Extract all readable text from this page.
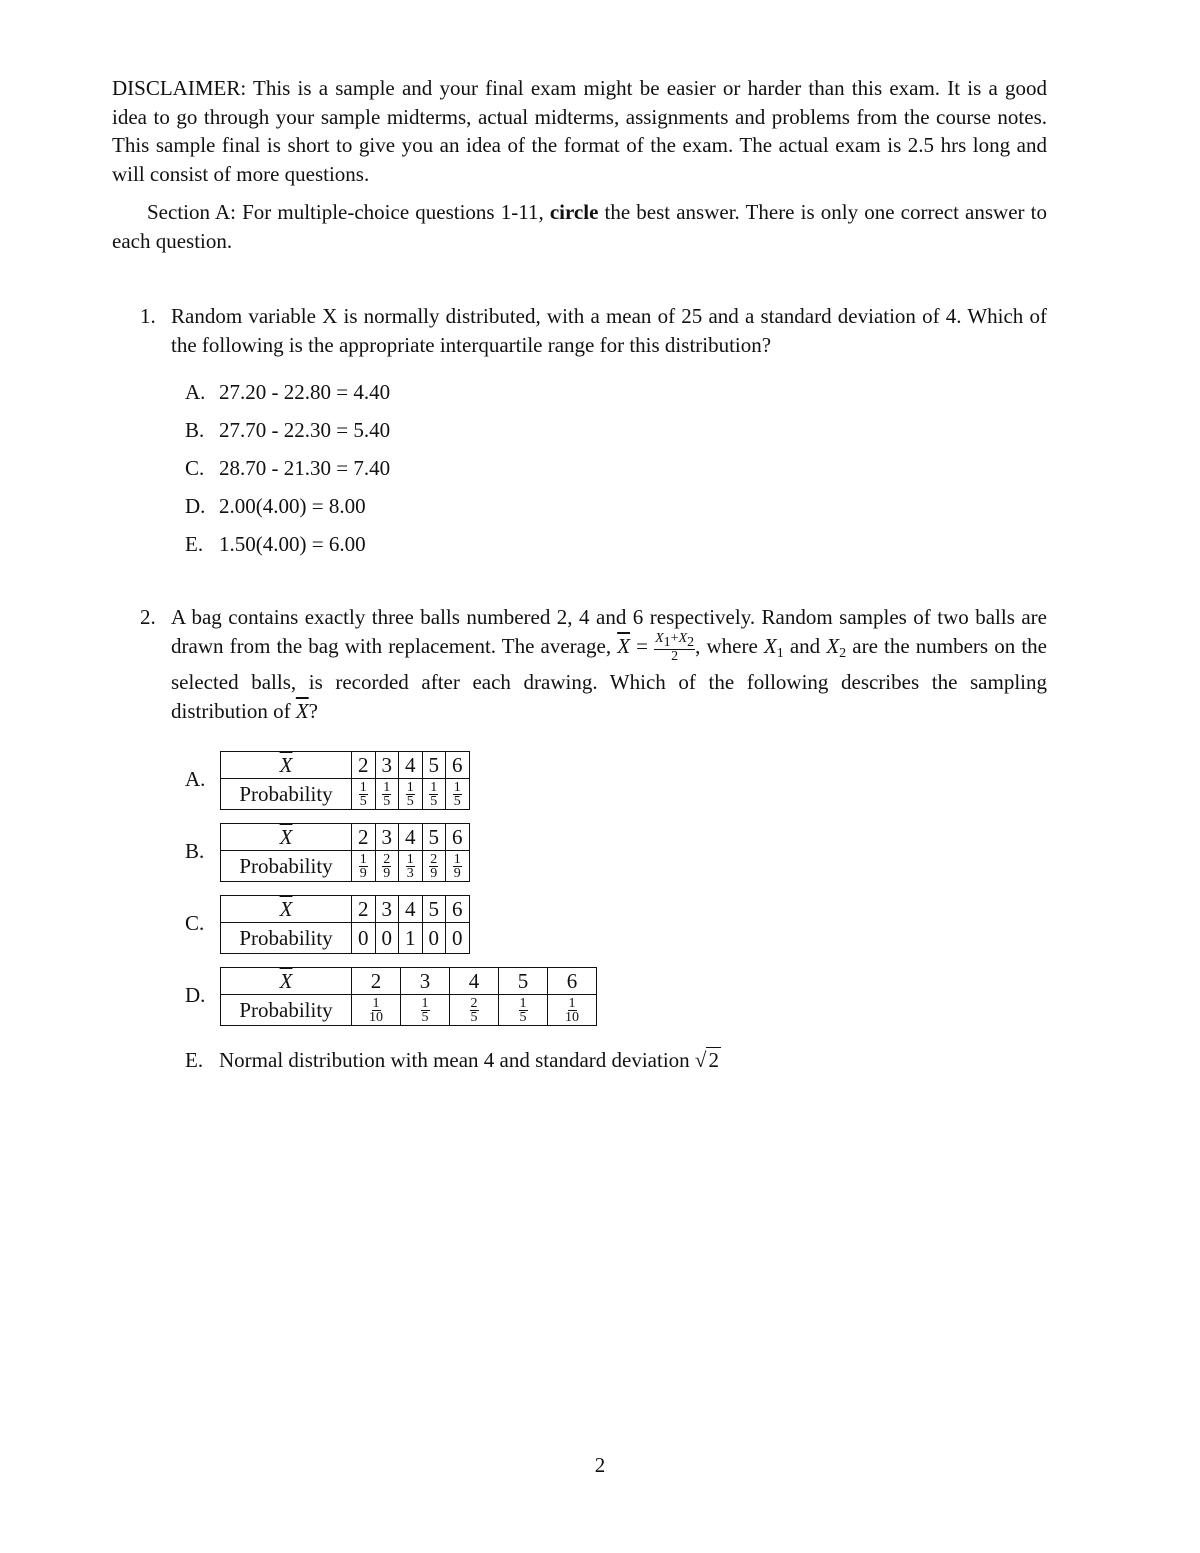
DISCLAIMER: This is a sample and your final exam might be easier or harder than this exam. It is a good idea to go through your sample midterms, actual midterms, assignments and problems from the course notes. This sample final is short to give you an idea of the format of the exam. The actual exam is 2.5 hrs long and will consist of more questions.

Section A: For multiple-choice questions 1-11, circle the best answer. There is only one correct answer to each question.

1. Random variable X is normally distributed, with a mean of 25 and a standard deviation of 4. Which of the following is the appropriate interquartile range for this distribution?
A. 27.20 - 22.80 = 4.40
B. 27.70 - 22.30 = 5.40
C. 28.70 - 21.30 = 7.40
D. 2.00(4.00) = 8.00
E. 1.50(4.00) = 6.00
2. A bag contains exactly three balls numbered 2, 4 and 6 respectively. Random samples of two balls are drawn from the bag with replacement. The average, $\overline{X} = \frac{X1+X2}{2}$ , where $X_1$ and $X_2$ are the numbers on the selected balls, is recorded after each drawing. Which of the following describes the sampling distribution of $\overline{X}$?
A.
$\overline{X}$	2	3	4	5	6
Probability	$\frac{1}{5}$	$\frac{1}{5}$	$\frac{1}{5}$	$\frac{1}{5}$	$\frac{1}{5}$
B.
$\overline{X}$	2	3	4	5	6
Probability	$\frac{1}{9}$	$\frac{2}{9}$	$\frac{1}{3}$	$\frac{2}{9}$	$\frac{1}{9}$
C.
$\overline{X}$	2	3	4	5	6
Probability	0	0	1	0	0
D.
$\overline{X}$	2	3	4	5	6
Probability	$\frac{1}{10}$	$\frac{1}{5}$	$\frac{2}{5}$	$\frac{1}{5}$	$\frac{1}{10}$
E. Normal distribution with mean 4 and standard deviation √2
2
